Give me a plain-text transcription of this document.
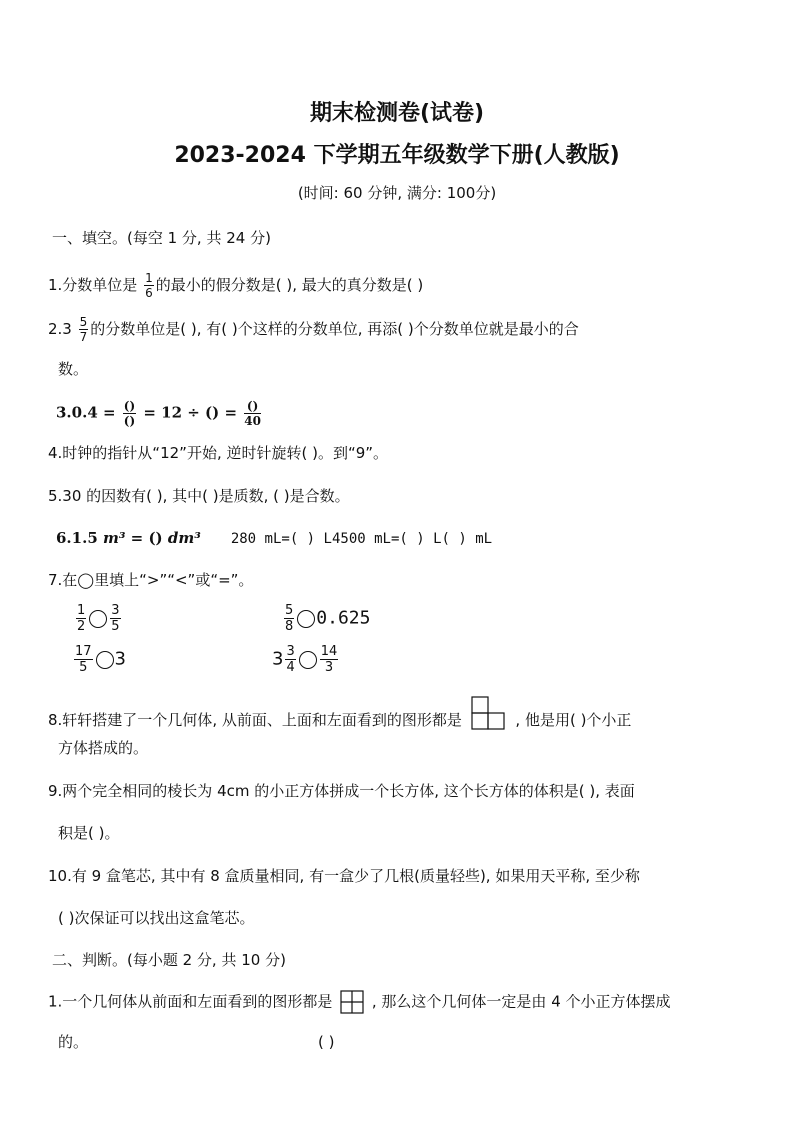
期末检测卷(试卷)
2023-2024 下学期五年级数学下册(人教版)
(时间: 60 分钟, 满分: 100分)
一、填空。(每空 1 分, 共 24 分)
1.分数单位是 $\frac{1}{6}$ 的最小的假分数是( ), 最大的真分数是( )
$2.3 \frac{5}{7}$ 的分数单位是( ), 有( )个这样的分数单位, 再添( )个分数单位就是最小的合
数。
$3.0.4 = \frac{()}{()} = 12$ ÷ () = $\frac{()}{40}$
4.时钟的指针从“12”开始, 逆时针旋转( )。到“9”。
5.30 的因数有( ), 其中( )是质数, ( )是合数。
6.1.5 m³ = () dm³ 280 mL=( ) L4500 mL=( ) L( ) mL
7.在◯里填上“>”“<”或“=”。
$\frac{1}{2} \frac{3}{5}$	$\frac{5}{8} 0.625$
$\frac{17}{5} 3$	$3 \frac{3}{4} \frac{14}{3}$
8.轩轩搭建了一个几何体, 从前面、上面和左面看到的图形都是	, 他是用( )个小正
方体搭成的。
9.两个完全相同的棱长为 4cm 的小正方体拼成一个长方体, 这个长方体的体积是( ), 表面
积是( )。
10.有 9 盒笔芯, 其中有 8 盒质量相同, 有一盒少了几根(质量轻些), 如果用天平称, 至少称
( )次保证可以找出这盒笔芯。
二、判断。(每小题 2 分, 共 10 分)
1.一个几何体从前面和左面看到的图形都是	, 那么这个几何体一定是由 4 个小正方体摆成
的。	( )
